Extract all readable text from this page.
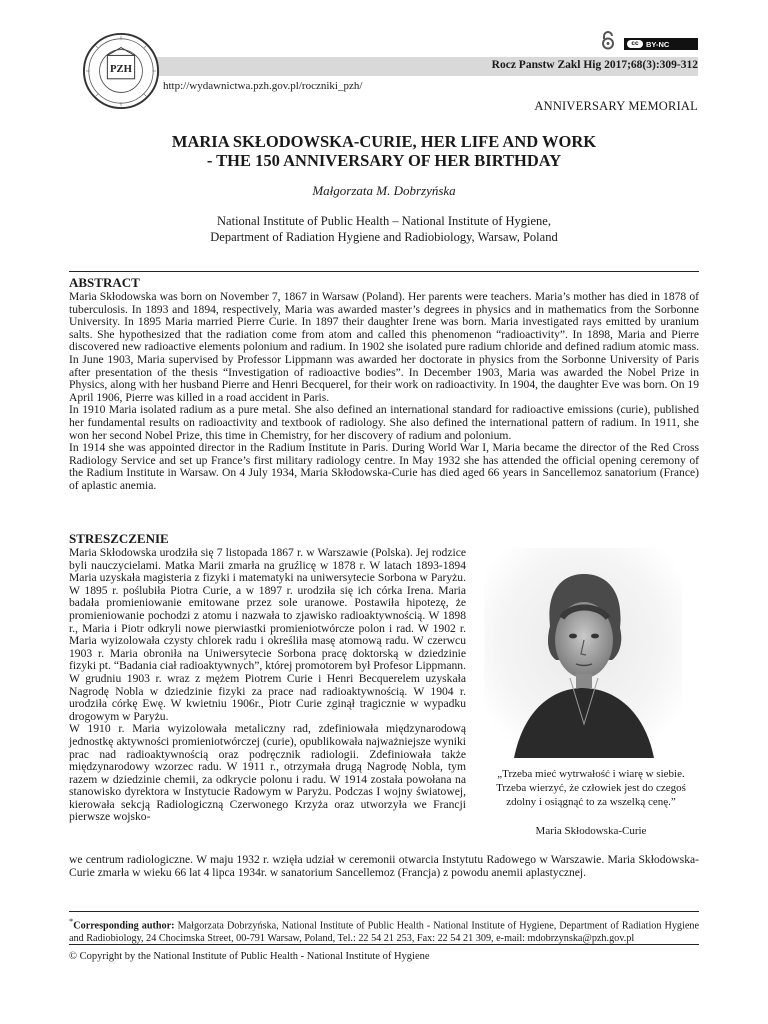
PZH
cc BY-NC
Rocz Panstw Zakl Hig 2017;68(3):309-312
http://wydawnictwa.pzh.gov.pl/roczniki_pzh/
ANNIVERSARY MEMORIAL
MARIA SKŁODOWSKA-CURIE, HER LIFE AND WORK
- THE 150 ANNIVERSARY OF HER BIRTHDAY
Małgorzata M. Dobrzyńska
National Institute of Public Health – National Institute of Hygiene,
Department of Radiation Hygiene and Radiobiology, Warsaw, Poland
ABSTRACT

Maria Skłodowska was born on November 7, 1867 in Warsaw (Poland). Her parents were teachers. Maria’s mother has died in 1878 of tuberculosis. In 1893 and 1894, respectively, Maria was awarded master’s degrees in physics and in mathematics from the Sorbonne University. In 1895 Maria married Pierre Curie. In 1897 their daughter Irene was born. Maria investigated rays emitted by uranium salts. She hypothesized that the radiation come from atom and called this phenomenon “radioactivity”. In 1898, Maria and Pierre discovered new radioactive elements polonium and radium. In 1902 she isolated pure radium chloride and defined radium atomic mass. In June 1903, Maria supervised by Professor Lippmann was awarded her doctorate in physics from the Sorbonne University of Paris after presentation of the thesis “Investigation of radioactive bodies”. In December 1903, Maria was awarded the Nobel Prize in Physics, along with her husband Pierre and Henri Becquerel, for their work on radioactivity. In 1904, the daughter Eve was born. On 19 April 1906, Pierre was killed in a road accident in Paris.

In 1910 Maria isolated radium as a pure metal. She also defined an international standard for radioactive emissions (curie), published her fundamental results on radioactivity and textbook of radiology. She also defined the international pattern of radium. In 1911, she won her second Nobel Prize, this time in Chemistry, for her discovery of radium and polonium.

In 1914 she was appointed director in the Radium Institute in Paris. During World War I, Maria became the director of the Red Cross Radiology Service and set up France’s first military radiology centre. In May 1932 she has attended the official opening ceremony of the Radium Institute in Warsaw. On 4 July 1934, Maria Skłodowska-Curie has died aged 66 years in Sancellemoz sanatorium (France) of aplastic anemia.

STRESZCZENIE

Maria Skłodowska urodziła się 7 listopada 1867 r. w Warszawie (Polska). Jej rodzice byli nauczycielami. Matka Marii zmarła na gruźlicę w 1878 r. W latach 1893-1894 Maria uzyskała magisteria z fizyki i matematyki na uniwersytecie Sorbona w Paryżu. W 1895 r. poślubiła Piotra Curie, a w 1897 r. urodziła się ich córka Irena. Maria badała promieniowanie emitowane przez sole uranowe. Postawiła hipotezę, że promieniowanie pochodzi z atomu i nazwała to zjawisko radioaktywnością. W 1898 r., Maria i Piotr odkryli nowe pierwiastki promieniotwórcze polon i rad. W 1902 r. Maria wyizolowała czysty chlorek radu i określiła masę atomową radu. W czerwcu 1903 r. Maria obroniła na Uniwersytecie Sorbona pracę doktorską w dziedzinie fizyki pt. “Badania ciał radioaktywnych”, której promotorem był Profesor Lippmann. W grudniu 1903 r. wraz z mężem Piotrem Curie i Henri Becquerelem uzyskała Nagrodę Nobla w dziedzinie fizyki za prace nad radioaktywnością. W 1904 r. urodziła córkę Ewę. W kwietniu 1906r., Piotr Curie zginął tragicznie w wypadku drogowym w Paryżu.

W 1910 r. Maria wyizolowała metaliczny rad, zdefiniowała międzynarodową jednostkę aktywności promieniotwórczej (curie), opublikowała najważniejsze wyniki prac nad radioaktywnością oraz podręcznik radiologii. Zdefiniowała także międzynarodowy wzorzec radu. W 1911 r., otrzymała drugą Nagrodę Nobla, tym razem w dziedzinie chemii, za odkrycie polonu i radu. W 1914 została powołana na stanowisko dyrektora w Instytucie Radowym w Paryżu. Podczas I wojny światowej, kierowała sekcją Radiologiczną Czerwonego Krzyża oraz utworzyła we Francji pierwsze wojsko-

we centrum radiologiczne. W maju 1932 r. wzięła udział w ceremonii otwarcia Instytutu Radowego w Warszawie. Maria Skłodowska-Curie zmarła w wieku 66 lat 4 lipca 1934r. w sanatorium Sancellemoz (Francja) z powodu anemii aplastycznej.
„Trzeba mieć wytrwałość i wiarę w siebie.
Trzeba wierzyć, że człowiek jest do czegoś
zdolny i osiągnąć to za wszelką cenę.”
Maria Skłodowska-Curie
*Corresponding author: Małgorzata Dobrzyńska, National Institute of Public Health - National Institute of Hygiene, Department of Radiation Hygiene and Radiobiology, 24 Chocimska Street, 00-791 Warsaw, Poland, Tel.: 22 54 21 253, Fax: 22 54 21 309, e-mail: mdobrzynska@pzh.gov.pl
© Copyright by the National Institute of Public Health - National Institute of Hygiene
